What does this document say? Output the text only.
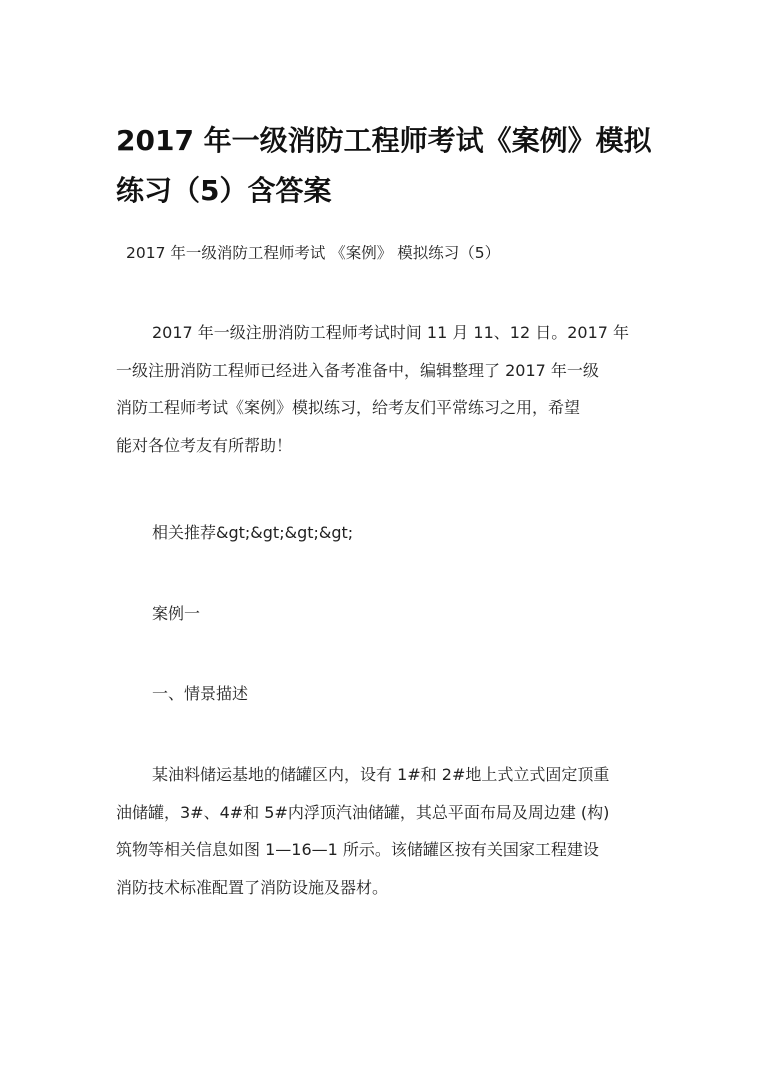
2017 年一级消防工程师考试《案例》模拟
练习（5）含答案

2017 年一级消防工程师考试 《案例》 模拟练习（5）

2017 年一级注册消防工程师考试时间 11 月 11、12 日。2017 年
一级注册消防工程师已经进入备考准备中，编辑整理了 2017 年一级
消防工程师考试《案例》模拟练习，给考友们平常练习之用，希望
能对各位考友有所帮助！

相关推荐&gt;&gt;&gt;&gt;

案例一

一、情景描述

某油料储运基地的储罐区内，设有 1#和 2#地上式立式固定顶重
油储罐，3#、4#和 5#内浮顶汽油储罐，其总平面布局及周边建 (构)
筑物等相关信息如图 1—16—1 所示。该储罐区按有关国家工程建设
消防技术标准配置了消防设施及器材。
